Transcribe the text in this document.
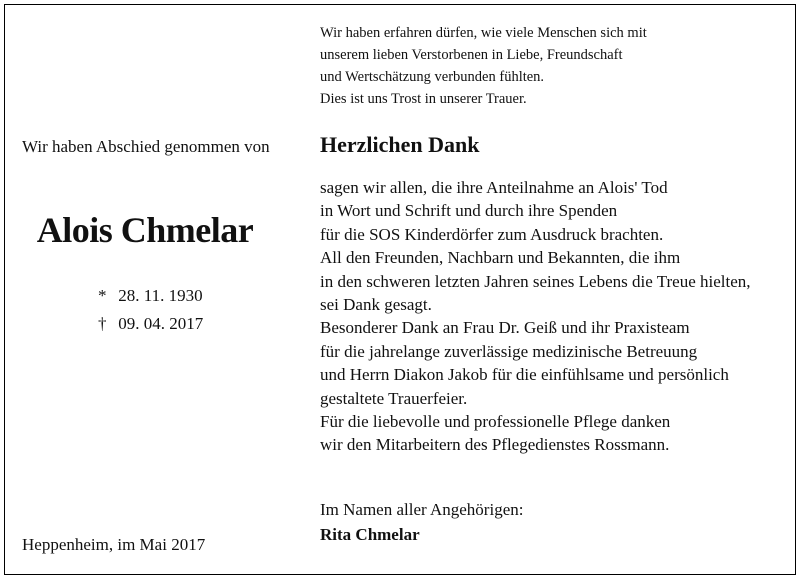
Wir haben erfahren dürfen, wie viele Menschen sich mit
unserem lieben Verstorbenen in Liebe, Freundschaft
und Wertschätzung verbunden fühlten.
Dies ist uns Trost in unserer Trauer.
Wir haben Abschied genommen von
Alois Chmelar
* 28. 11. 1930
† 09. 04. 2017
Herzlichen Dank
sagen wir allen, die ihre Anteilnahme an Alois' Tod
in Wort und Schrift und durch ihre Spenden
für die SOS Kinderdörfer zum Ausdruck brachten.
All den Freunden, Nachbarn und Bekannten, die ihm
in den schweren letzten Jahren seines Lebens die Treue hielten,
sei Dank gesagt.
Besonderer Dank an Frau Dr. Geiß und ihr Praxisteam
für die jahrelange zuverlässige medizinische Betreuung
und Herrn Diakon Jakob für die einfühlsame und persönlich
gestaltete Trauerfeier.
Für die liebevolle und professionelle Pflege danken
wir den Mitarbeitern des Pflegedienstes Rossmann.
Im Namen aller Angehörigen:
Rita Chmelar
Heppenheim, im Mai 2017
